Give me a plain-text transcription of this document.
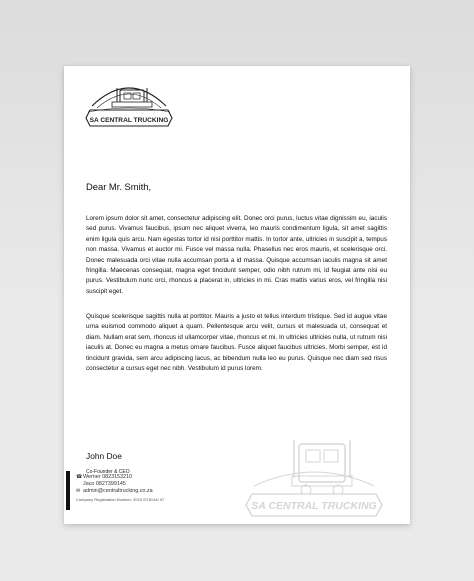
SA CENTRAL TRUCKING

Dear Mr. Smith,

Lorem ipsum dolor sit amet, consectetur adipiscing elit. Donec orci purus, luctus vitae dignissim eu, iaculis sed purus. Vivamus faucibus, ipsum nec aliquet viverra, leo mauris condimentum ligula, sit amet sagittis enim ligula quis arcu. Nam egestas tortor id nisi porttitor mattis. In tortor ante, ultricies in suscipit a, tempus non massa. Vivamus et auctor mi. Fusce vel massa nulla. Phasellus nec eros mauris, et scelerisque orci. Donec malesuada orci vitae nulla accumsan porta a id massa. Quisque accumsan iaculis magna sit amet fringilla. Maecenas consequat, magna eget tincidunt semper, odio nibh rutrum mi, id feugiat ante nisi eu purus. Vestibulum nunc orci, rhoncus a placerat in, ultricies in mi. Cras mattis varius eros, vel fringilla nisi suscipit eget.

Quisque scelerisque sagittis nulla at porttitor. Mauris a justo et tellus interdum tristique. Sed id augue vitae urna euismod commodo aliquet a quam. Pellentesque arcu velit, cursus et malesuada ut, consequat et diam. Nullam erat sem, rhoncus id ullamcorper vitae, rhoncus et mi. In ultricies ultricies nulla, ut rutrum nisi iaculis at. Donec eu magna a metus ornare faucibus. Fusce aliquet faucibus ultricies. Morbi semper, est id tincidunt gravida, sem arcu adipiscing lacus, ac bibendum nulla leo eu purus. Quisque nec diam sed risus consectetur a cursus eget nec nibh. Vestibulum id purus lorem.

John Doe

Co-Founder & CEO

SA CENTRAL TRUCKING
☎ Werner 0823153210
Jaco 0827399145
✉ admin@centraltrucking.co.za
Company Registration Number: 2015 /076144/ 07
